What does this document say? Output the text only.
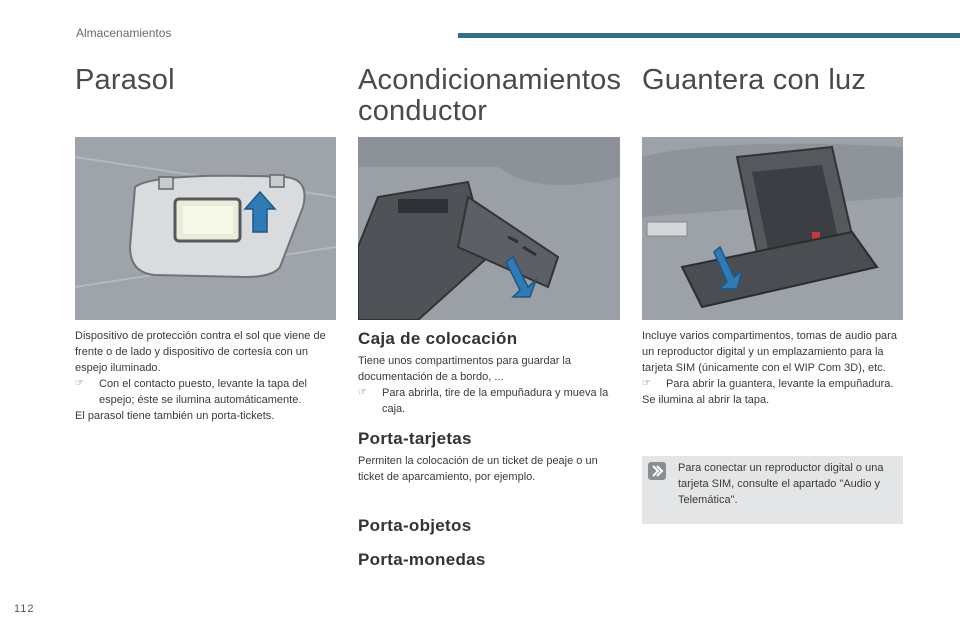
Almacenamientos
Parasol	Acondicionamientos conductor
Guantera con luz
Dispositivo de protección contra el sol que viene de frente o de lado y dispositivo de cortesía con un espejo iluminado.
☞	Con el contacto puesto, levante la tapa del espejo; éste se ilumina automáticamente.
El parasol tiene también un porta-tickets.
Caja de colocación
Tiene unos compartimentos para guardar la documentación de a bordo, ...
☞	Para abrirla, tire de la empuñadura y mueva la caja.
Porta-tarjetas
Permiten la colocación de un ticket de peaje o un ticket de aparcamiento, por ejemplo.
Porta-objetos
Porta-monedas
Incluye varios compartimentos, tomas de audio para un reproductor digital y un emplazamiento para la tarjeta SIM (únicamente con el WIP Com 3D), etc.
☞	Para abrir la guantera, levante la empuñadura.
Se ilumina al abrir la tapa.
Para conectar un reproductor digital o una tarjeta SIM, consulte el apartado "Audio y Telemática".
112
